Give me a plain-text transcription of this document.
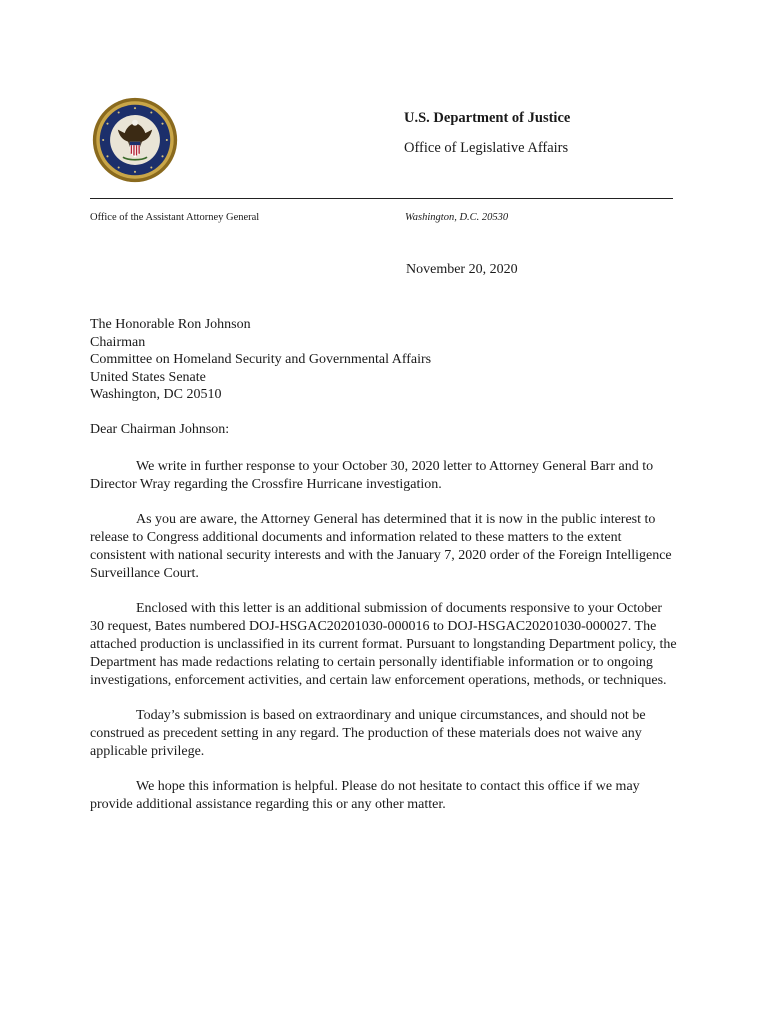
U.S. Department of Justice
Office of Legislative Affairs
Office of the Assistant Attorney General	Washington, D.C. 20530
November 20, 2020
The Honorable Ron Johnson
Chairman
Committee on Homeland Security and Governmental Affairs
United States Senate
Washington, DC 20510
Dear Chairman Johnson:

We write in further response to your October 30, 2020 letter to Attorney General Barr and to Director Wray regarding the Crossfire Hurricane investigation.

As you are aware, the Attorney General has determined that it is now in the public interest to release to Congress additional documents and information related to these matters to the extent consistent with national security interests and with the January 7, 2020 order of the Foreign Intelligence Surveillance Court.

Enclosed with this letter is an additional submission of documents responsive to your October 30 request, Bates numbered DOJ-HSGAC20201030-000016 to DOJ-HSGAC20201030-000027. The attached production is unclassified in its current format. Pursuant to longstanding Department policy, the Department has made redactions relating to certain personally identifiable information or to ongoing investigations, enforcement activities, and certain law enforcement operations, methods, or techniques.

Today’s submission is based on extraordinary and unique circumstances, and should not be construed as precedent setting in any regard. The production of these materials does not waive any applicable privilege.

We hope this information is helpful. Please do not hesitate to contact this office if we may provide additional assistance regarding this or any other matter.
